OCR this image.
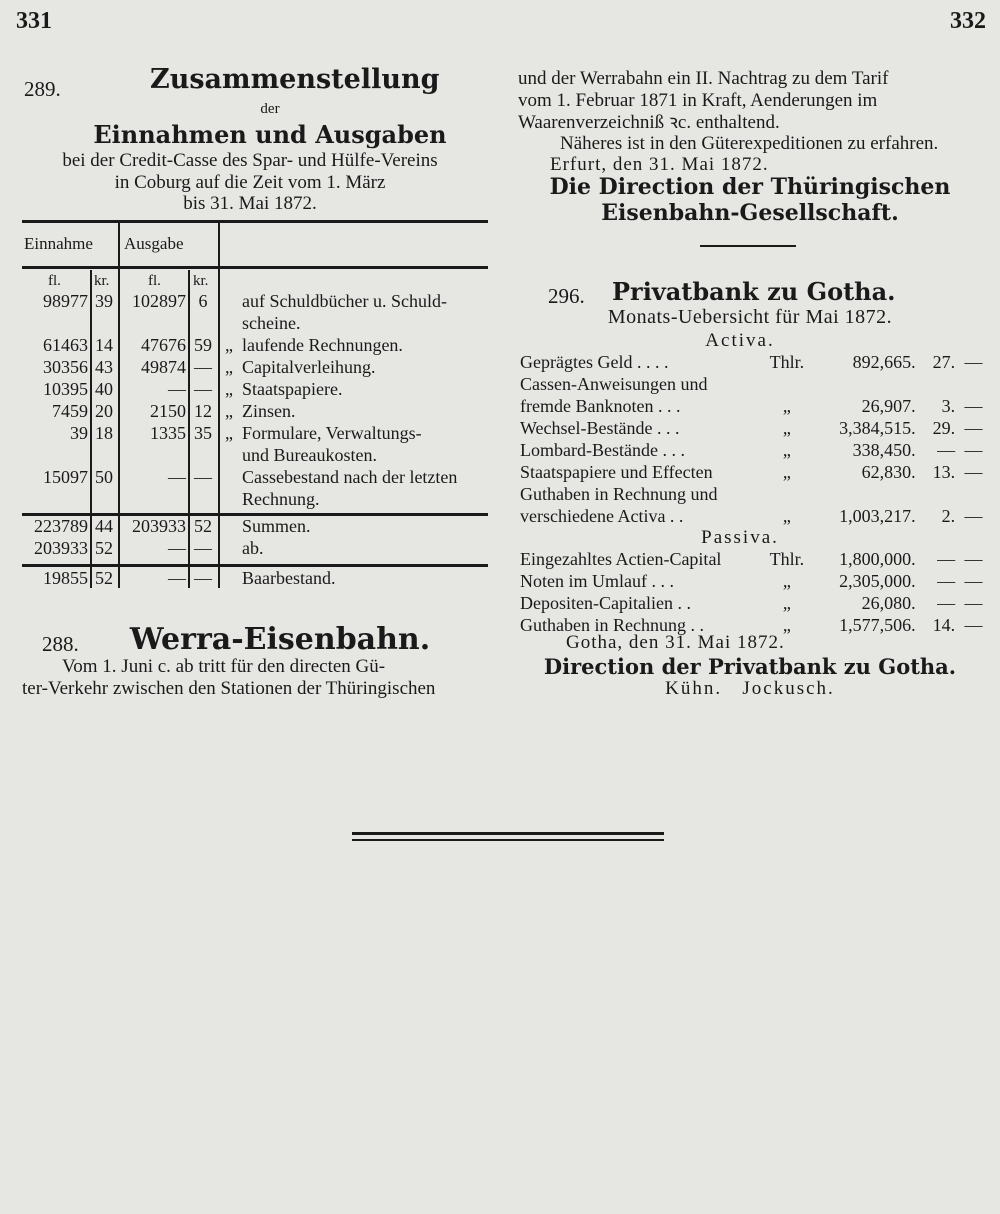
331	332
289.	Zusammenstellung
der
Einnahmen und Ausgaben
bei der Credit-Casse des Spar- und Hülfe-Vereins
in Coburg auf die Zeit vom 1. März
bis 31. Mai 1872.
Einnahme Ausgabe
fl. kr.	fl. kr.
98977	39	102897	6		auf Schuldbücher u. Schuld-
					scheine.
61463	14	47676	59	„	laufende Rechnungen.
30356	43	49874	—	„	Capitalverleihung.
10395	40	—	—	„	Staatspapiere.
7459	20	2150	12	„	Zinsen.
39	18	1335	35	„	Formulare, Verwaltungs-
					und Bureaukosten.
15097	50	—	—		Cassebestand nach der letzten
					Rechnung.
223789	44	203933	52		Summen.
203933	52	—	—		ab.
19855	52	—	—		Baarbestand.
288.	Werra-Eisenbahn.
Vom 1. Juni c. ab tritt für den directen Gü-
ter-Verkehr zwischen den Stationen der Thüringischen
und der Werrabahn ein II. Nachtrag zu dem Tarif
vom 1. Februar 1871 in Kraft, Aenderungen im
Waarenverzeichniß ꝛc. enthaltend.
Näheres ist in den Güterexpeditionen zu erfahren.
Erfurt, den 31. Mai 1872.
Die Direction der Thüringischen
Eisenbahn-Gesellschaft.
296. Privatbank zu Gotha.
Monats-Uebersicht für Mai 1872.
Activa.
Geprägtes Geld . . . .	Thlr.	892,665.	27.	—
Cassen-Anweisungen und				
fremde Banknoten . . .	„	26,907.	3.	—
Wechsel-Bestände . . .	„	3,384,515.	29.	—
Lombard-Bestände . . .	„	338,450.	—	—
Staatspapiere und Effecten	„	62,830.	13.	—
Guthaben in Rechnung und				
verschiedene Activa . .	„	1,003,217.	2.	—
Passiva.
Eingezahltes Actien-Capital	Thlr.	1,800,000.	—	—
Noten im Umlauf . . .	„	2,305,000.	—	—
Depositen-Capitalien . .	„	26,080.	—	—
Guthaben in Rechnung . .	„	1,577,506.	14.	—
Gotha, den 31. Mai 1872.
Direction der Privatbank zu Gotha.
Kühn.   Jockusch.
